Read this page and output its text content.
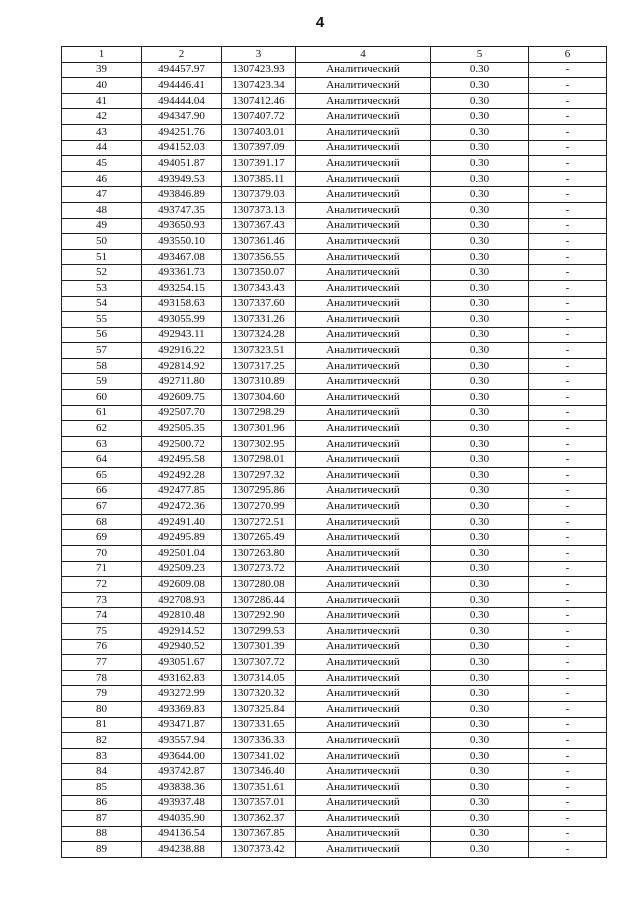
4
1	2	3	4	5	6
39	494457.97	1307423.93	Аналитический	0.30	-
40	494446.41	1307423.34	Аналитический	0.30	-
41	494444.04	1307412.46	Аналитический	0.30	-
42	494347.90	1307407.72	Аналитический	0.30	-
43	494251.76	1307403.01	Аналитический	0.30	-
44	494152.03	1307397.09	Аналитический	0.30	-
45	494051.87	1307391.17	Аналитический	0.30	-
46	493949.53	1307385.11	Аналитический	0.30	-
47	493846.89	1307379.03	Аналитический	0.30	-
48	493747.35	1307373.13	Аналитический	0.30	-
49	493650.93	1307367.43	Аналитический	0.30	-
50	493550.10	1307361.46	Аналитический	0.30	-
51	493467.08	1307356.55	Аналитический	0.30	-
52	493361.73	1307350.07	Аналитический	0.30	-
53	493254.15	1307343.43	Аналитический	0.30	-
54	493158.63	1307337.60	Аналитический	0.30	-
55	493055.99	1307331.26	Аналитический	0.30	-
56	492943.11	1307324.28	Аналитический	0.30	-
57	492916.22	1307323.51	Аналитический	0.30	-
58	492814.92	1307317.25	Аналитический	0.30	-
59	492711.80	1307310.89	Аналитический	0.30	-
60	492609.75	1307304.60	Аналитический	0.30	-
61	492507.70	1307298.29	Аналитический	0.30	-
62	492505.35	1307301.96	Аналитический	0.30	-
63	492500.72	1307302.95	Аналитический	0.30	-
64	492495.58	1307298.01	Аналитический	0.30	-
65	492492.28	1307297.32	Аналитический	0.30	-
66	492477.85	1307295.86	Аналитический	0.30	-
67	492472.36	1307270.99	Аналитический	0.30	-
68	492491.40	1307272.51	Аналитический	0.30	-
69	492495.89	1307265.49	Аналитический	0.30	-
70	492501.04	1307263.80	Аналитический	0.30	-
71	492509.23	1307273.72	Аналитический	0.30	-
72	492609.08	1307280.08	Аналитический	0.30	-
73	492708.93	1307286.44	Аналитический	0.30	-
74	492810.48	1307292.90	Аналитический	0.30	-
75	492914.52	1307299.53	Аналитический	0.30	-
76	492940.52	1307301.39	Аналитический	0.30	-
77	493051.67	1307307.72	Аналитический	0.30	-
78	493162.83	1307314.05	Аналитический	0.30	-
79	493272.99	1307320.32	Аналитический	0.30	-
80	493369.83	1307325.84	Аналитический	0.30	-
81	493471.87	1307331.65	Аналитический	0.30	-
82	493557.94	1307336.33	Аналитический	0.30	-
83	493644.00	1307341.02	Аналитический	0.30	-
84	493742.87	1307346.40	Аналитический	0.30	-
85	493838.36	1307351.61	Аналитический	0.30	-
86	493937.48	1307357.01	Аналитический	0.30	-
87	494035.90	1307362.37	Аналитический	0.30	-
88	494136.54	1307367.85	Аналитический	0.30	-
89	494238.88	1307373.42	Аналитический	0.30	-
